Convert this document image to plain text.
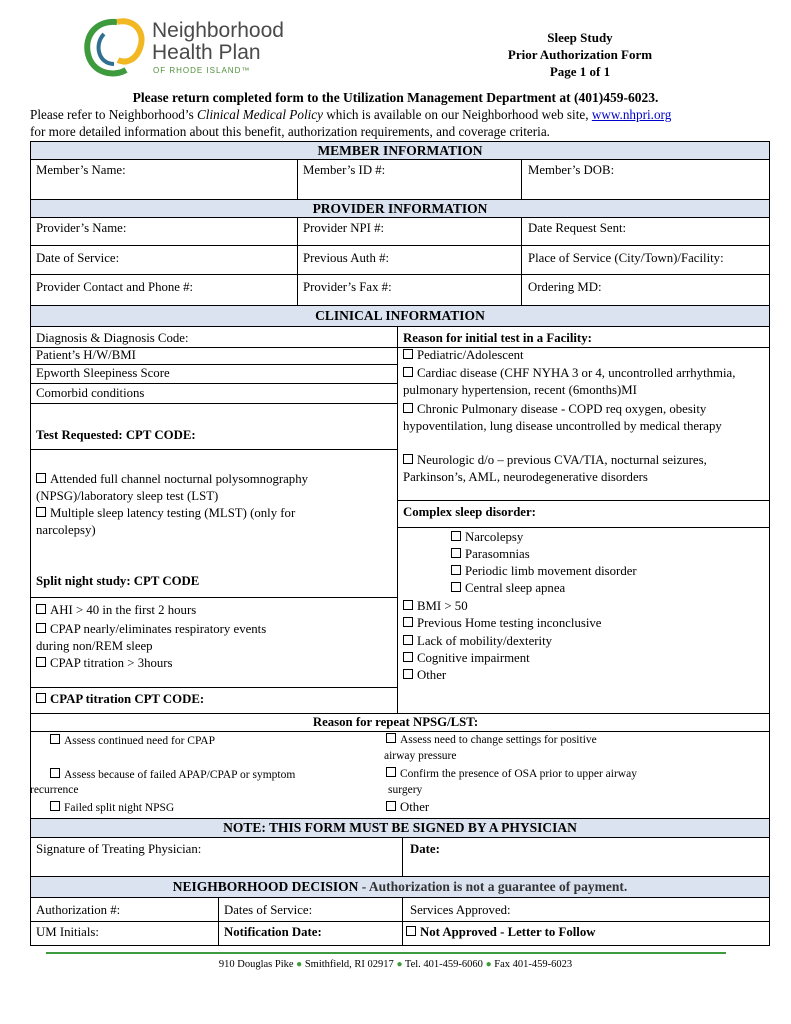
Neighborhood
Health Plan
OF RHODE ISLAND™
Sleep Study
Prior Authorization Form
Page 1 of 1
Please return completed form to the Utilization Management Department at (401)459-6023.
Please refer to Neighborhood’s Clinical Medical Policy which is available on our Neighborhood web site, www.nhpri.org
for more detailed information about this benefit, authorization requirements, and coverage criteria.
MEMBER INFORMATION
Member’s Name:	Member’s ID #:	Member’s DOB:
PROVIDER INFORMATION
Provider’s Name:	Provider NPI #:	Date Request Sent:
Date of Service:	Previous Auth #:	Place of Service (City/Town)/Facility:
Provider Contact and Phone #:	Provider’s Fax #:	Ordering MD:
CLINICAL INFORMATION
Diagnosis & Diagnosis Code:
Patient’s H/W/BMI
Epworth Sleepiness Score
Comorbid conditions
Test Requested: CPT CODE:
Attended full channel nocturnal polysomnography (NPSG)/laboratory sleep test (LST)
Multiple sleep latency testing (MLST) (only for narcolepsy)
Split night study: CPT CODE
AHI > 40 in the first 2 hours
CPAP nearly/eliminates respiratory events during non/REM sleep
CPAP titration > 3hours
CPAP titration CPT CODE:
Reason for initial test in a Facility:
Pediatric/Adolescent
Cardiac disease (CHF NYHA 3 or 4, uncontrolled arrhythmia, pulmonary hypertension, recent (6months)MI
Chronic Pulmonary disease - COPD req oxygen, obesity hypoventilation, lung disease uncontrolled by medical therapy
Neurologic d/o – previous CVA/TIA, nocturnal seizures, Parkinson’s, AML, neurodegenerative disorders
Complex sleep disorder:
Narcolepsy
Parasomnias
Periodic limb movement disorder
Central sleep apnea
BMI > 50
Previous Home testing inconclusive
Lack of mobility/dexterity
Cognitive impairment
Other
Reason for repeat NPSG/LST:
Assess continued need for CPAP
Assess because of failed APAP/CPAP or symptom
recurrence
Failed split night NPSG
Assess need to change settings for positive
airway pressure
Confirm the presence of OSA prior to upper airway
surgery
Other
NOTE: THIS FORM MUST BE SIGNED BY A PHYSICIAN
Signature of Treating Physician:	Date:
NEIGHBORHOOD DECISION - Authorization is not a guarantee of payment.
Authorization #:	Dates of Service:	Services Approved:
UM Initials:	Notification Date:	Not Approved - Letter to Follow
910 Douglas Pike ● Smithfield, RI 02917 ● Tel. 401-459-6060 ● Fax 401-459-6023
